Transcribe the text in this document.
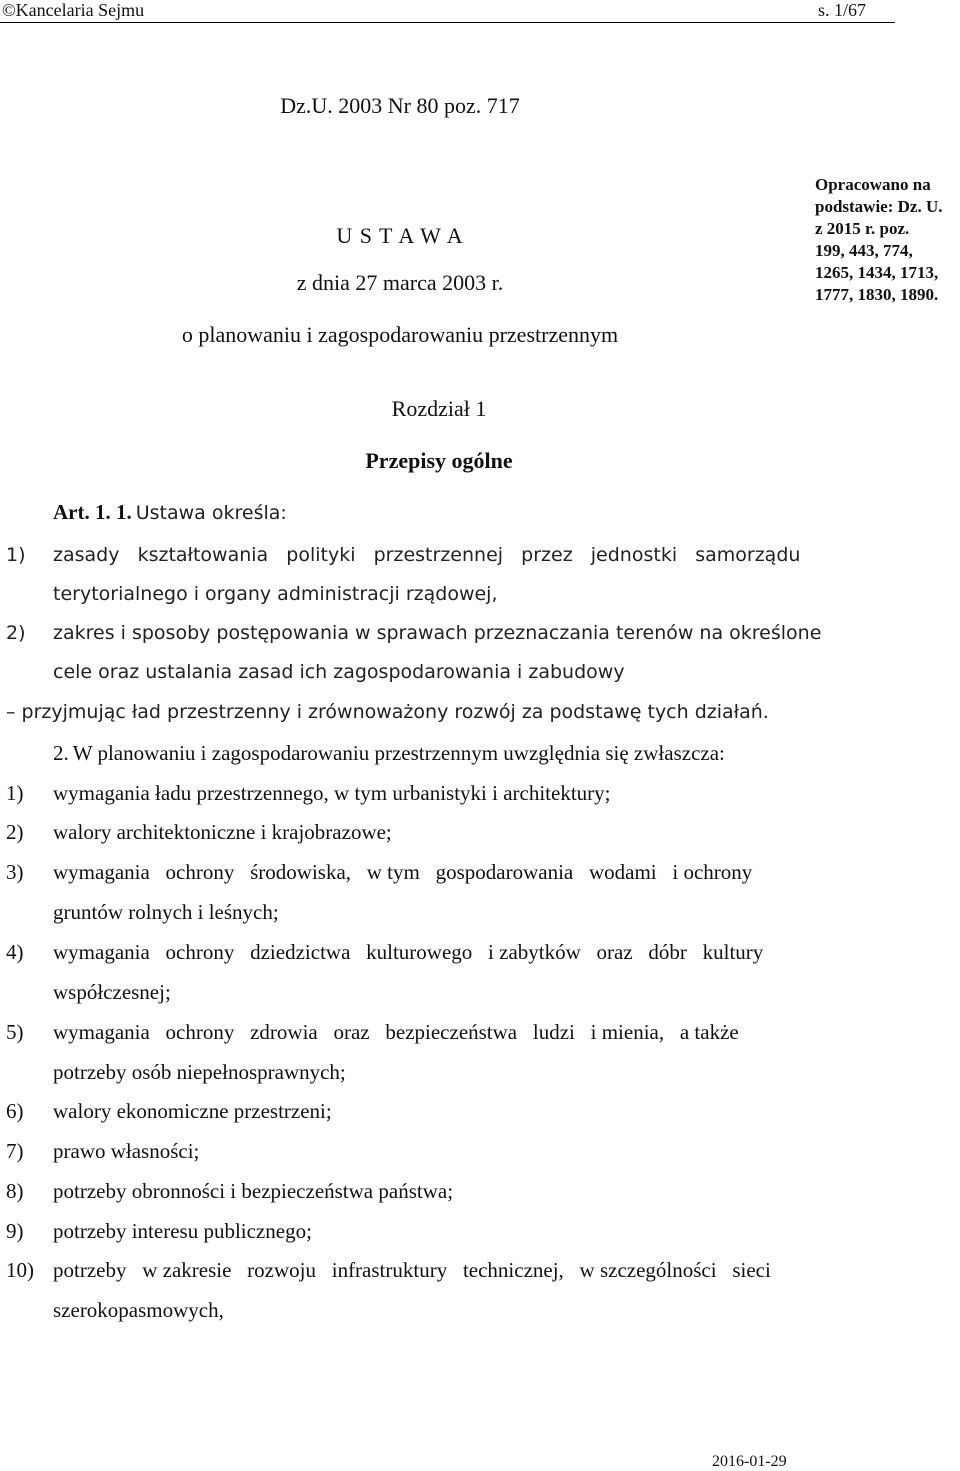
©Kancelaria Sejmu	s. 1/67
Dz.U. 2003 Nr 80 poz. 717
U S T A W A
z dnia 27 marca 2003 r.
o planowaniu i zagospodarowaniu przestrzennym
Opracowano na
podstawie: Dz. U.
z 2015 r. poz.
199, 443, 774,
1265, 1434, 1713,
1777, 1830, 1890.
Rozdział 1
Przepisy ogólne
Art. 1. 1. Ustawa określa:
1) zasady   kształtowania   polityki   przestrzennej   przez   jednostki   samorządu
terytorialnego i organy administracji rządowej,
2) zakres i sposoby postępowania w sprawach przeznaczania terenów na określone
cele oraz ustalania zasad ich zagospodarowania i zabudowy
– przyjmując ład przestrzenny i zrównoważony rozwój za podstawę tych działań.
2. W planowaniu i zagospodarowaniu przestrzennym uwzględnia się zwłaszcza:
1) wymagania ładu przestrzennego, w tym urbanistyki i architektury;
2) walory architektoniczne i krajobrazowe;
3) wymagania   ochrony   środowiska,   w tym   gospodarowania   wodami   i ochrony
gruntów rolnych i leśnych;
4) wymagania   ochrony   dziedzictwa   kulturowego   i zabytków   oraz   dóbr   kultury
współczesnej;
5) wymagania   ochrony   zdrowia   oraz   bezpieczeństwa   ludzi   i mienia,   a także
potrzeby osób niepełnosprawnych;
6) walory ekonomiczne przestrzeni;
7) prawo własności;
8) potrzeby obronności i bezpieczeństwa państwa;
9) potrzeby interesu publicznego;
10) potrzeby   w zakresie   rozwoju   infrastruktury   technicznej,   w szczególności   sieci
szerokopasmowych,
2016-01-29
